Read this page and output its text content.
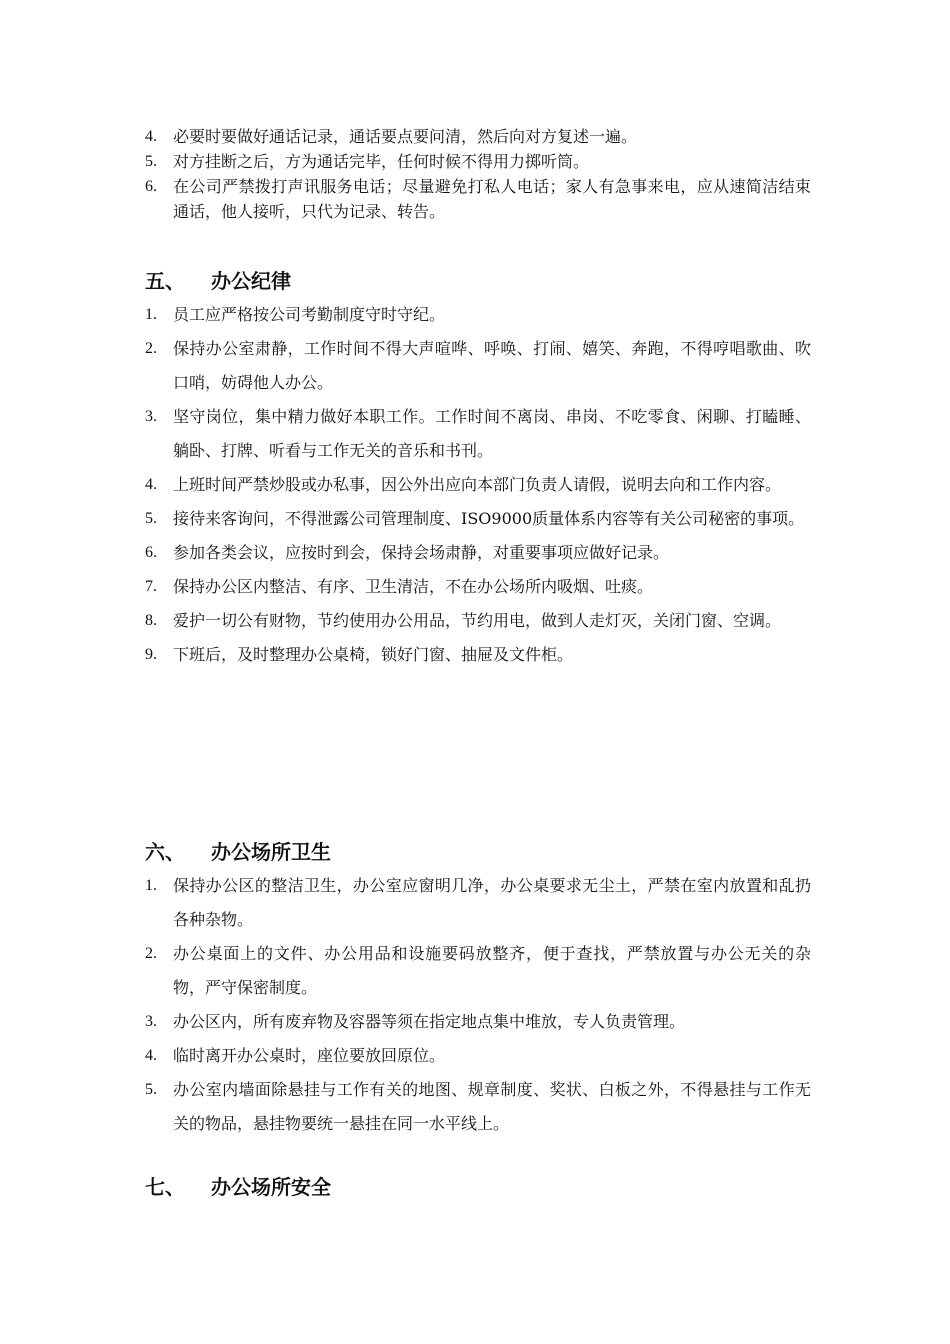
4. 必要时要做好通话记录，通话要点要问清，然后向对方复述一遍。
5. 对方挂断之后，方为通话完毕，任何时候不得用力掷听筒。
6. 在公司严禁拨打声讯服务电话；尽量避免打私人电话；家人有急事来电，应从速简洁结束通话，他人接听，只代为记录、转告。
五、 办公纪律
1. 员工应严格按公司考勤制度守时守纪。
2. 保持办公室肃静，工作时间不得大声喧哗、呼唤、打闹、嬉笑、奔跑，不得哼唱歌曲、吹口哨，妨碍他人办公。
3. 坚守岗位，集中精力做好本职工作。工作时间不离岗、串岗、不吃零食、闲聊、打瞌睡、躺卧、打牌、听看与工作无关的音乐和书刊。
4. 上班时间严禁炒股或办私事，因公外出应向本部门负责人请假，说明去向和工作内容。
5. 接待来客询问，不得泄露公司管理制度、ISO9000质量体系内容等有关公司秘密的事项。
6. 参加各类会议，应按时到会，保持会场肃静，对重要事项应做好记录。
7. 保持办公区内整洁、有序、卫生清洁，不在办公场所内吸烟、吐痰。
8. 爱护一切公有财物，节约使用办公用品，节约用电，做到人走灯灭，关闭门窗、空调。
9. 下班后，及时整理办公桌椅，锁好门窗、抽屉及文件柜。
六、 办公场所卫生
1. 保持办公区的整洁卫生，办公室应窗明几净，办公桌要求无尘土，严禁在室内放置和乱扔各种杂物。
2. 办公桌面上的文件、办公用品和设施要码放整齐，便于查找，严禁放置与办公无关的杂物，严守保密制度。
3. 办公区内，所有废弃物及容器等须在指定地点集中堆放，专人负责管理。
4. 临时离开办公桌时，座位要放回原位。
5. 办公室内墙面除悬挂与工作有关的地图、规章制度、奖状、白板之外，不得悬挂与工作无关的物品，悬挂物要统一悬挂在同一水平线上。
七、 办公场所安全
